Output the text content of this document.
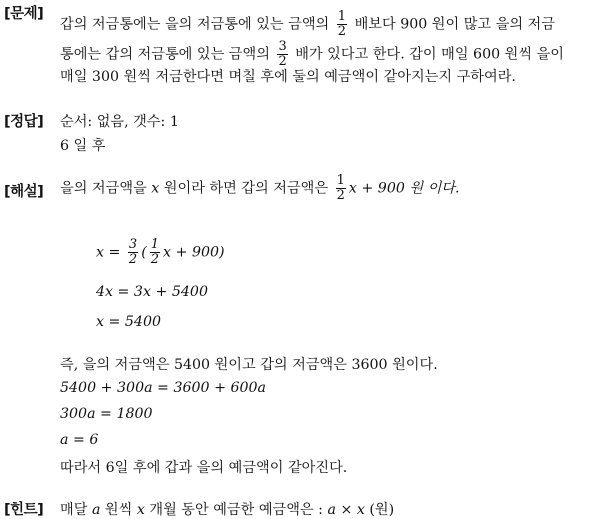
[문제]
갑의 저금통에는 을의 저금통에 있는 금액의 $\frac{1}{2}$ 배보다 900 원이 많고 을의 저금
통에는 갑의 저금통에 있는 금액의 $\frac{3}{2}$ 배가 있다고 한다. 갑이 매일 600 원씩 을이
매일 300 원씩 저금한다면 며칠 후에 둘의 예금액이 같아지는지 구하여라.
[정답] 순서: 없음, 갯수: 1
6 일 후
[해설] 을의 저금액을 x 원이라 하면 갑의 저금액은 $\frac{1}{2}$ x + 900 원 이다.
$x = \frac{3}{2}$ ( $\frac{1}{2}$ x + 900)
4x = 3x + 5400
x = 5400
즉, 을의 저금액은 5400 원이고 갑의 저금액은 3600 원이다.
5400 + 300a = 3600 + 600a
300a = 1800
a = 6
따라서 6일 후에 갑과 을의 예금액이 같아진다.
[힌트] 매달 a 원씩 x 개월 동안 예금한 예금액은 : a × x (원)
